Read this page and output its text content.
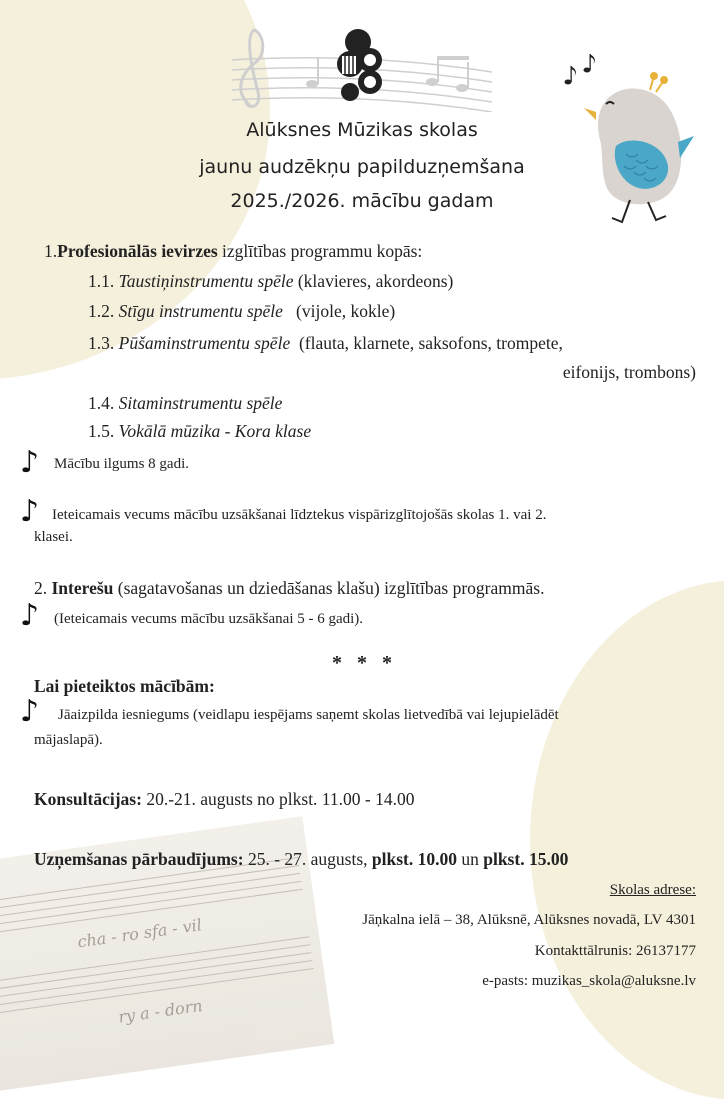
cha - ro sfa - vil
ry a - dorn
Alūksnes Mūzikas skolas
jaunu audzēkņu papilduzņemšana
2025./2026. mācību gadam
1.Profesionālās ievirzes izglītības programmu kopās:
1.1. Taustiņinstrumentu spēle (klavieres, akordeons)
1.2. Stīgu instrumentu spēle   (vijole, kokle)
1.3. Pūšaminstrumentu spēle  (flauta, klarnete, saksofons, trompete,
eifonijs, trombons)
1.4. Sitaminstrumentu spēle
1.5. Vokālā mūzika - Kora klase
♪ Mācību ilgums 8 gadi.
♪ Ieteicamais vecums mācību uzsākšanai līdztekus vispārizglītojošās skolas 1. vai 2.
klasei.
2. Interešu (sagatavošanas un dziedāšanas klašu) izglītības programmās.
♪ (Ieteicamais vecums mācību uzsākšanai 5 - 6 gadi).
*   *   *
Lai pieteiktos mācībām:
♪ Jāaizpilda iesniegums (veidlapu iespējams saņemt skolas lietvedībā vai lejupielādēt
mājaslapā).
Konsultācijas: 20.-21. augusts no plkst. 11.00 - 14.00
Uzņemšanas pārbaudījums: 25. - 27. augusts, plkst. 10.00 un plkst. 15.00
Skolas adrese:
Jāņkalna ielā – 38, Alūksnē, Alūksnes novadā, LV 4301
Kontakttālrunis: 26137177
e-pasts: muzikas_skola@aluksne.lv
